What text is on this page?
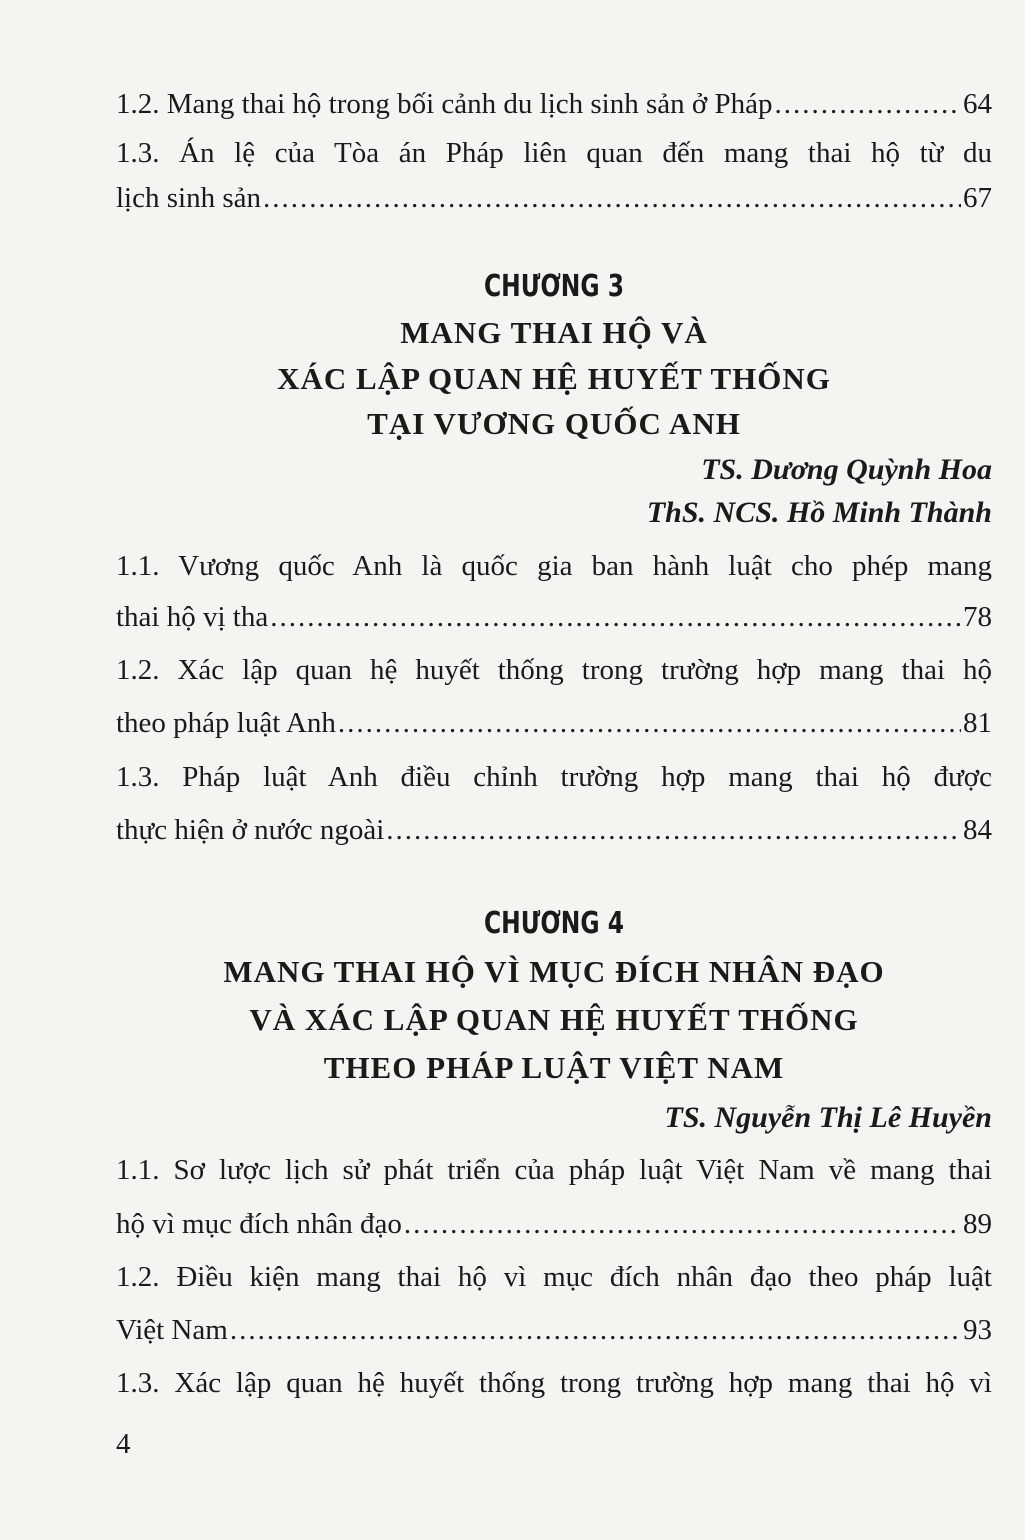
1.2. Mang thai hộ trong bối cảnh du lịch sinh sản ở Pháp .....	64
1.3. Án lệ của Tòa án Pháp liên quan đến mang thai hộ từ du
lịch sinh sản .....	67
CHƯƠNG 3
MANG THAI HỘ VÀ
XÁC LẬP QUAN HỆ HUYẾT THỐNG
TẠI VƯƠNG QUỐC ANH
TS. Dương Quỳnh Hoa
ThS. NCS. Hồ Minh Thành
1.1. Vương quốc Anh là quốc gia ban hành luật cho phép mang
thai hộ vị tha .....	78
1.2. Xác lập quan hệ huyết thống trong trường hợp mang thai hộ
theo pháp luật Anh .....	81
1.3. Pháp luật Anh điều chỉnh trường hợp mang thai hộ được
thực hiện ở nước ngoài .....	84
CHƯƠNG 4
MANG THAI HỘ VÌ MỤC ĐÍCH NHÂN ĐẠO
VÀ XÁC LẬP QUAN HỆ HUYẾT THỐNG
THEO PHÁP LUẬT VIỆT NAM
TS. Nguyễn Thị Lê Huyền
1.1. Sơ lược lịch sử phát triển của pháp luật Việt Nam về mang thai
hộ vì mục đích nhân đạo .....	89
1.2. Điều kiện mang thai hộ vì mục đích nhân đạo theo pháp luật
Việt Nam .....	93
1.3. Xác lập quan hệ huyết thống trong trường hợp mang thai hộ vì
4
